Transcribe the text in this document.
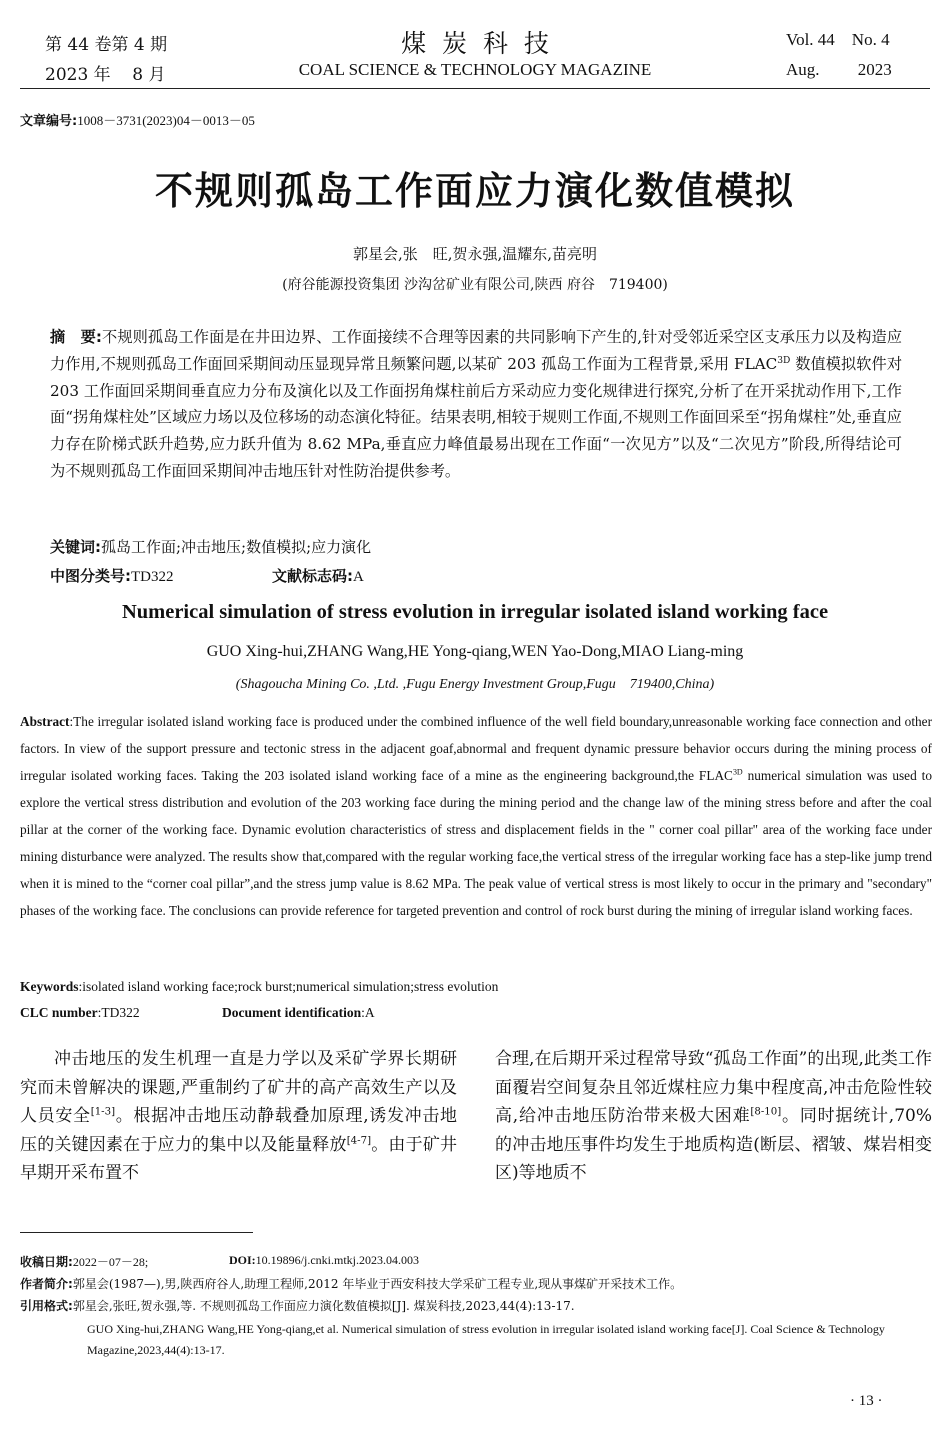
第 44 卷第 4 期
2023 年    8 月
煤  炭  科  技
COAL SCIENCE & TECHNOLOGY MAGAZINE
Vol. 44    No. 4
Aug.         2023
文章编号:1008－3731(2023)04－0013－05
不规则孤岛工作面应力演化数值模拟
郭星会,张　旺,贺永强,温耀东,苗亮明
(府谷能源投资集团 沙沟岔矿业有限公司,陕西 府谷　719400)
摘　要:不规则孤岛工作面是在井田边界、工作面接续不合理等因素的共同影响下产生的,针对受邻近采空区支承压力以及构造应力作用,不规则孤岛工作面回采期间动压显现异常且频繁问题,以某矿 203 孤岛工作面为工程背景,采用 $FLAC^{3D}$ 数值模拟软件对 203 工作面回采期间垂直应力分布及演化以及工作面拐角煤柱前后方采动应力变化规律进行探究,分析了在开采扰动作用下,工作面“拐角煤柱处”区域应力场以及位移场的动态演化特征。结果表明,相较于规则工作面,不规则工作面回采至“拐角煤柱”处,垂直应力存在阶梯式跃升趋势,应力跃升值为 8.62 MPa,垂直应力峰值最易出现在工作面“一次见方”以及“二次见方”阶段,所得结论可为不规则孤岛工作面回采期间冲击地压针对性防治提供参考。
关键词:孤岛工作面;冲击地压;数值模拟;应力演化
中图分类号:TD322	文献标志码:A
Numerical simulation of stress evolution in irregular isolated island working face
GUO Xing-hui,ZHANG Wang,HE Yong-qiang,WEN Yao-Dong,MIAO Liang-ming
(Shagoucha Mining Co. ,Ltd. ,Fugu Energy Investment Group,Fugu　719400,China)
Abstract:The irregular isolated island working face is produced under the combined influence of the well field boundary,unreasonable working face connection and other factors. In view of the support pressure and tectonic stress in the adjacent goaf,abnormal and frequent dynamic pressure behavior occurs during the mining process of irregular isolated working faces. Taking the 203 isolated island working face of a mine as the engineering background,the $FLAC^{3D}$ numerical simulation was used to explore the vertical stress distribution and evolution of the 203 working face during the mining period and the change law of the mining stress before and after the coal pillar at the corner of the working face. Dynamic evolution characteristics of stress and displacement fields in the " corner coal pillar" area of the working face under mining disturbance were analyzed. The results show that,compared with the regular working face,the vertical stress of the irregular working face has a step-like jump trend when it is mined to the “corner coal pillar”,and the stress jump value is 8.62 MPa. The peak value of vertical stress is most likely to occur in the primary and "secondary" phases of the working face. The conclusions can provide reference for targeted prevention and control of rock burst during the mining of irregular island working faces.
Keywords:isolated island working face;rock burst;numerical simulation;stress evolution
CLC number:TD322	Document identification:A
冲击地压的发生机理一直是力学以及采矿学界长期研究而未曾解决的课题,严重制约了矿井的高产高效生产以及人员安全[1-3]。根据冲击地压动静载叠加原理,诱发冲击地压的关键因素在于应力的集中以及能量释放[4-7]。由于矿井早期开采布置不
合理,在后期开采过程常导致“孤岛工作面”的出现,此类工作面覆岩空间复杂且邻近煤柱应力集中程度高,冲击危险性较高,给冲击地压防治带来极大困难[8-10]。同时据统计,70% 的冲击地压事件均发生于地质构造(断层、褶皱、煤岩相变区)等地质不
收稿日期:2022－07－28;	DOI:10.19896/j.cnki.mtkj.2023.04.003
作者简介:郭星会(1987—),男,陕西府谷人,助理工程师,2012 年毕业于西安科技大学采矿工程专业,现从事煤矿开采技术工作。
引用格式:郭星会,张旺,贺永强,等. 不规则孤岛工作面应力演化数值模拟[J]. 煤炭科技,2023,44(4):13-17.
GUO Xing-hui,ZHANG Wang,HE Yong-qiang,et al. Numerical simulation of stress evolution in irregular isolated island working face[J]. Coal Science & Technology Magazine,2023,44(4):13-17.
· 13 ·
